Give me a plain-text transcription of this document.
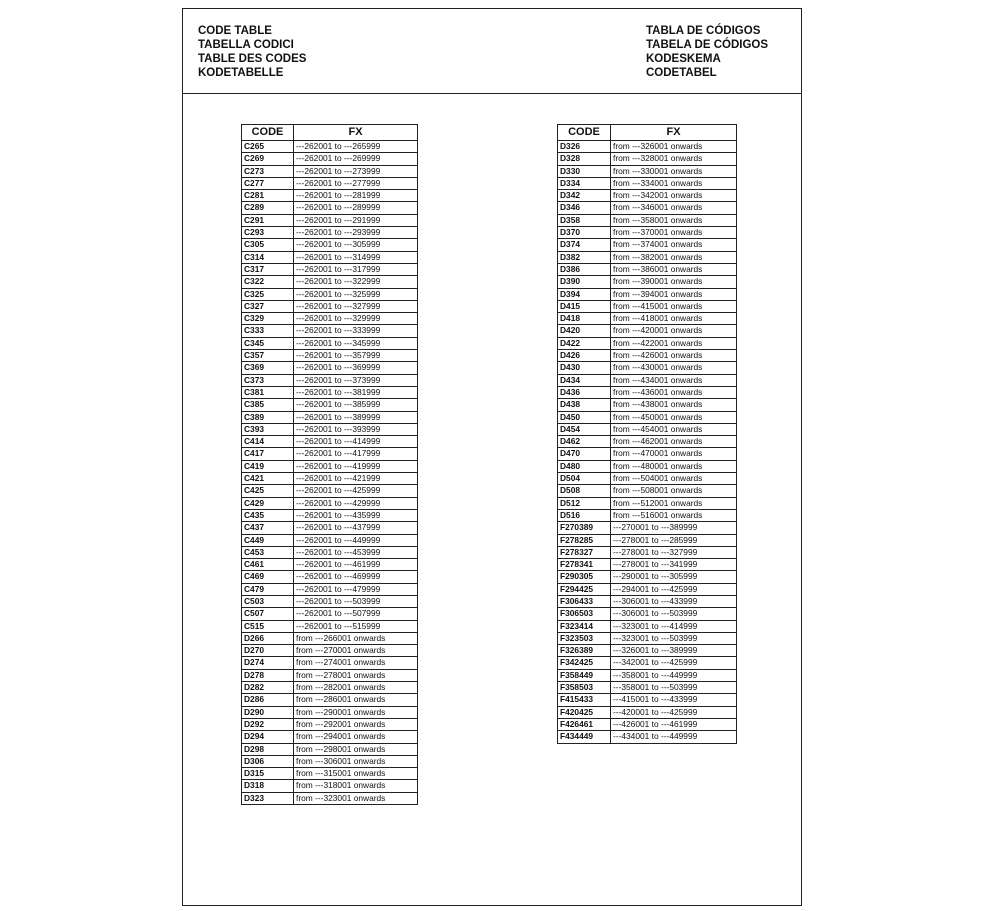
CODE TABLE
TABELLA CODICI
TABLE DES CODES
KODETABELLE
TABLA DE CÓDIGOS
TABELA DE CÓDIGOS
KODESKEMA
CODETABEL
CODE	FX
C265	---262001 to ---265999
C269	---262001 to ---269999
C273	---262001 to ---273999
C277	---262001 to ---277999
C281	---262001 to ---281999
C289	---262001 to ---289999
C291	---262001 to ---291999
C293	---262001 to ---293999
C305	---262001 to ---305999
C314	---262001 to ---314999
C317	---262001 to ---317999
C322	---262001 to ---322999
C325	---262001 to ---325999
C327	---262001 to ---327999
C329	---262001 to ---329999
C333	---262001 to ---333999
C345	---262001 to ---345999
C357	---262001 to ---357999
C369	---262001 to ---369999
C373	---262001 to ---373999
C381	---262001 to ---381999
C385	---262001 to ---385999
C389	---262001 to ---389999
C393	---262001 to ---393999
C414	---262001 to ---414999
C417	---262001 to ---417999
C419	---262001 to ---419999
C421	---262001 to ---421999
C425	---262001 to ---425999
C429	---262001 to ---429999
C435	---262001 to ---435999
C437	---262001 to ---437999
C449	---262001 to ---449999
C453	---262001 to ---453999
C461	---262001 to ---461999
C469	---262001 to ---469999
C479	---262001 to ---479999
C503	---262001 to ---503999
C507	---262001 to ---507999
C515	---262001 to ---515999
D266	from ---266001 onwards
D270	from ---270001 onwards
D274	from ---274001 onwards
D278	from ---278001 onwards
D282	from ---282001 onwards
D286	from ---286001 onwards
D290	from ---290001 onwards
D292	from ---292001 onwards
D294	from ---294001 onwards
D298	from ---298001 onwards
D306	from ---306001 onwards
D315	from ---315001 onwards
D318	from ---318001 onwards
D323	from ---323001 onwards
CODE	FX
D326	from ---326001 onwards
D328	from ---328001 onwards
D330	from ---330001 onwards
D334	from ---334001 onwards
D342	from ---342001 onwards
D346	from ---346001 onwards
D358	from ---358001 onwards
D370	from ---370001 onwards
D374	from ---374001 onwards
D382	from ---382001 onwards
D386	from ---386001 onwards
D390	from ---390001 onwards
D394	from ---394001 onwards
D415	from ---415001 onwards
D418	from ---418001 onwards
D420	from ---420001 onwards
D422	from ---422001 onwards
D426	from ---426001 onwards
D430	from ---430001 onwards
D434	from ---434001 onwards
D436	from ---436001 onwards
D438	from ---438001 onwards
D450	from ---450001 onwards
D454	from ---454001 onwards
D462	from ---462001 onwards
D470	from ---470001 onwards
D480	from ---480001 onwards
D504	from ---504001 onwards
D508	from ---508001 onwards
D512	from ---512001 onwards
D516	from ---516001 onwards
F270389	---270001 to ---389999
F278285	---278001 to ---285999
F278327	---278001 to ---327999
F278341	---278001 to ---341999
F290305	---290001 to ---305999
F294425	---294001 to ---425999
F306433	---306001 to ---433999
F306503	---306001 to ---503999
F323414	---323001 to ---414999
F323503	---323001 to ---503999
F326389	---326001 to ---389999
F342425	---342001 to ---425999
F358449	---358001 to ---449999
F358503	---358001 to ---503999
F415433	---415001 to ---433999
F420425	---420001 to ---425999
F426461	---426001 to ---461999
F434449	---434001 to ---449999
